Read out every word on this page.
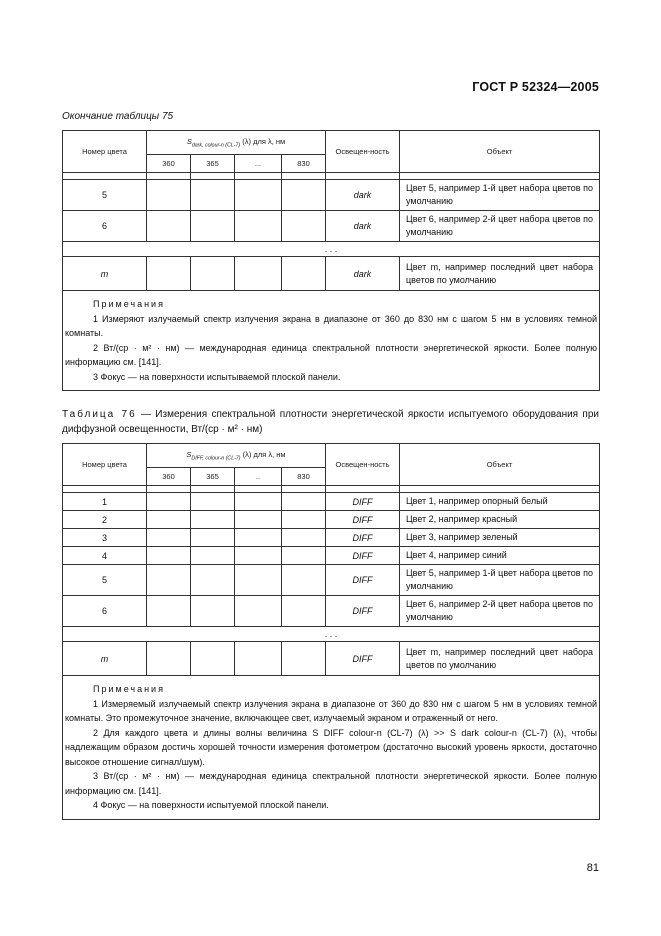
ГОСТ Р 52324—2005
Окончание таблицы 75
Номер цвета	$S_{dark, colour-n (CL-7)}$ (λ) для λ, нм				Освещен-ность	Объект
	360	365	...	830		

5					dark	Цвет 5, например 1-й цвет набора цветов по умолчанию
6					dark	Цвет 6, например 2-й цвет набора цветов по умолчанию
. . .						
m					dark	Цвет m, например последний цвет набора цветов по умолчанию

Примечания
1 Измеряют излучаемый спектр излучения экрана в диапазоне от 360 до 830 нм с шагом 5 нм в условиях темной комнаты.
2 Вт/(ср · м² · нм) — международная единица спектральной плотности энергетической яркости. Более полную информацию см. [141].
3 Фокус — на поверхности испытываемой плоской панели.						
Таблица 76 — Измерения спектральной плотности энергетической яркости испытуемого оборудования при диффузной освещенности, Вт/(ср · м² · нм)
Номер цвета	$S_{DIFF, colour-n (CL-7)}$ (λ) для λ, нм				Освещен-ность	Объект
	360	365	..	830		

1					DIFF	Цвет 1, например опорный белый
2					DIFF	Цвет 2, например красный
3					DIFF	Цвет 3, например зеленый
4					DIFF	Цвет 4, например синий
5					DIFF	Цвет 5, например 1-й цвет набора цветов по умолчанию
6					DIFF	Цвет 6, например 2-й цвет набора цветов по умолчанию
. . .						
m					DIFF	Цвет m, например последний цвет набора цветов по умолчанию

Примечания
1 Измеряемый излучаемый спектр излучения экрана в диапазоне от 360 до 830 нм с шагом 5 нм в условиях темной комнаты. Это промежуточное значение, включающее свет, излучаемый экраном и отраженный от него.
2 Для каждого цвета и длины волны величина S DIFF colour-n (CL-7) (λ) >> S dark colour-n (CL-7) (λ), чтобы надлежащим образом достичь хорошей точности измерения фотометром (достаточно высокий уровень яркости, достаточно высокое отношение сигнал/шум).
3 Вт/(ср · м² · нм) — международная единица спектральной плотности энергетической яркости. Более полную информацию см. [141].
4 Фокус — на поверхности испытуемой плоской панели.						
81
